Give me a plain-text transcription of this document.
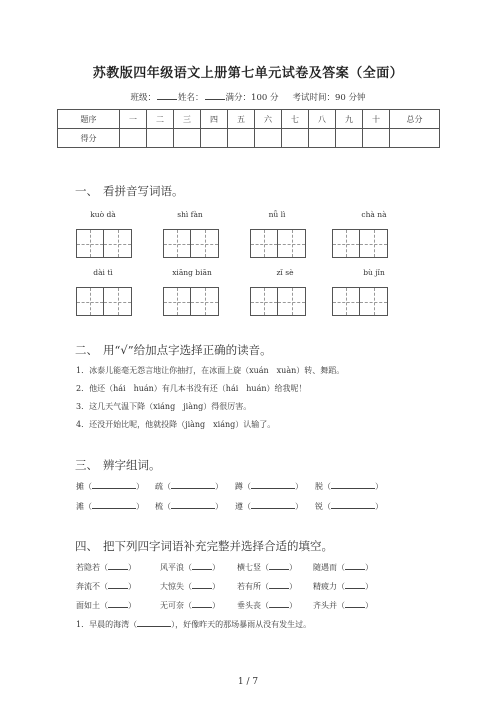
苏教版四年级语文上册第七单元试卷及答案（全面）
班级：	姓名：	满分：100 分 考试时间：90 分钟
题序	一	二	三	四	五	六	七	八	九	十	总分
得分											
一、 看拼音写词语。
kuò dà	shì fàn	nǚ lì	chà nà
dài tì	xiāng biān	zǐ sè	bù jǐn
二、 用“√”给加点字选择正确的读音。
1．冰泰儿能毫无怨言地让你抽打，在冰面上旋（xuán　xuàn）转、舞蹈。
2．他还（hái　huán）有几本书没有还（hái　huán）给我呢！
3．这几天气温下降（xiáng　jiàng）得很厉害。
4．还没开始比呢，他就投降（jiàng　xiáng）认输了。
三、 辨字组词。
摊（	） 疏（	） 蹲（	） 脱（	）
滩（	） 梳（	） 遵（	） 锐（	）
四、 把下列四字词语补充完整并选择合适的填空。
若隐若（	）	风平浪（	） 横七竖（	） 随遇而（	）
奔流不（	）	大惊失（	） 若有所（	） 精疲力（	）
面如土（	）	无可奈（	） 垂头丧（	） 齐头并（	）
1．早晨的海湾（	），好像昨天的那场暴雨从没有发生过。
1 / 7
